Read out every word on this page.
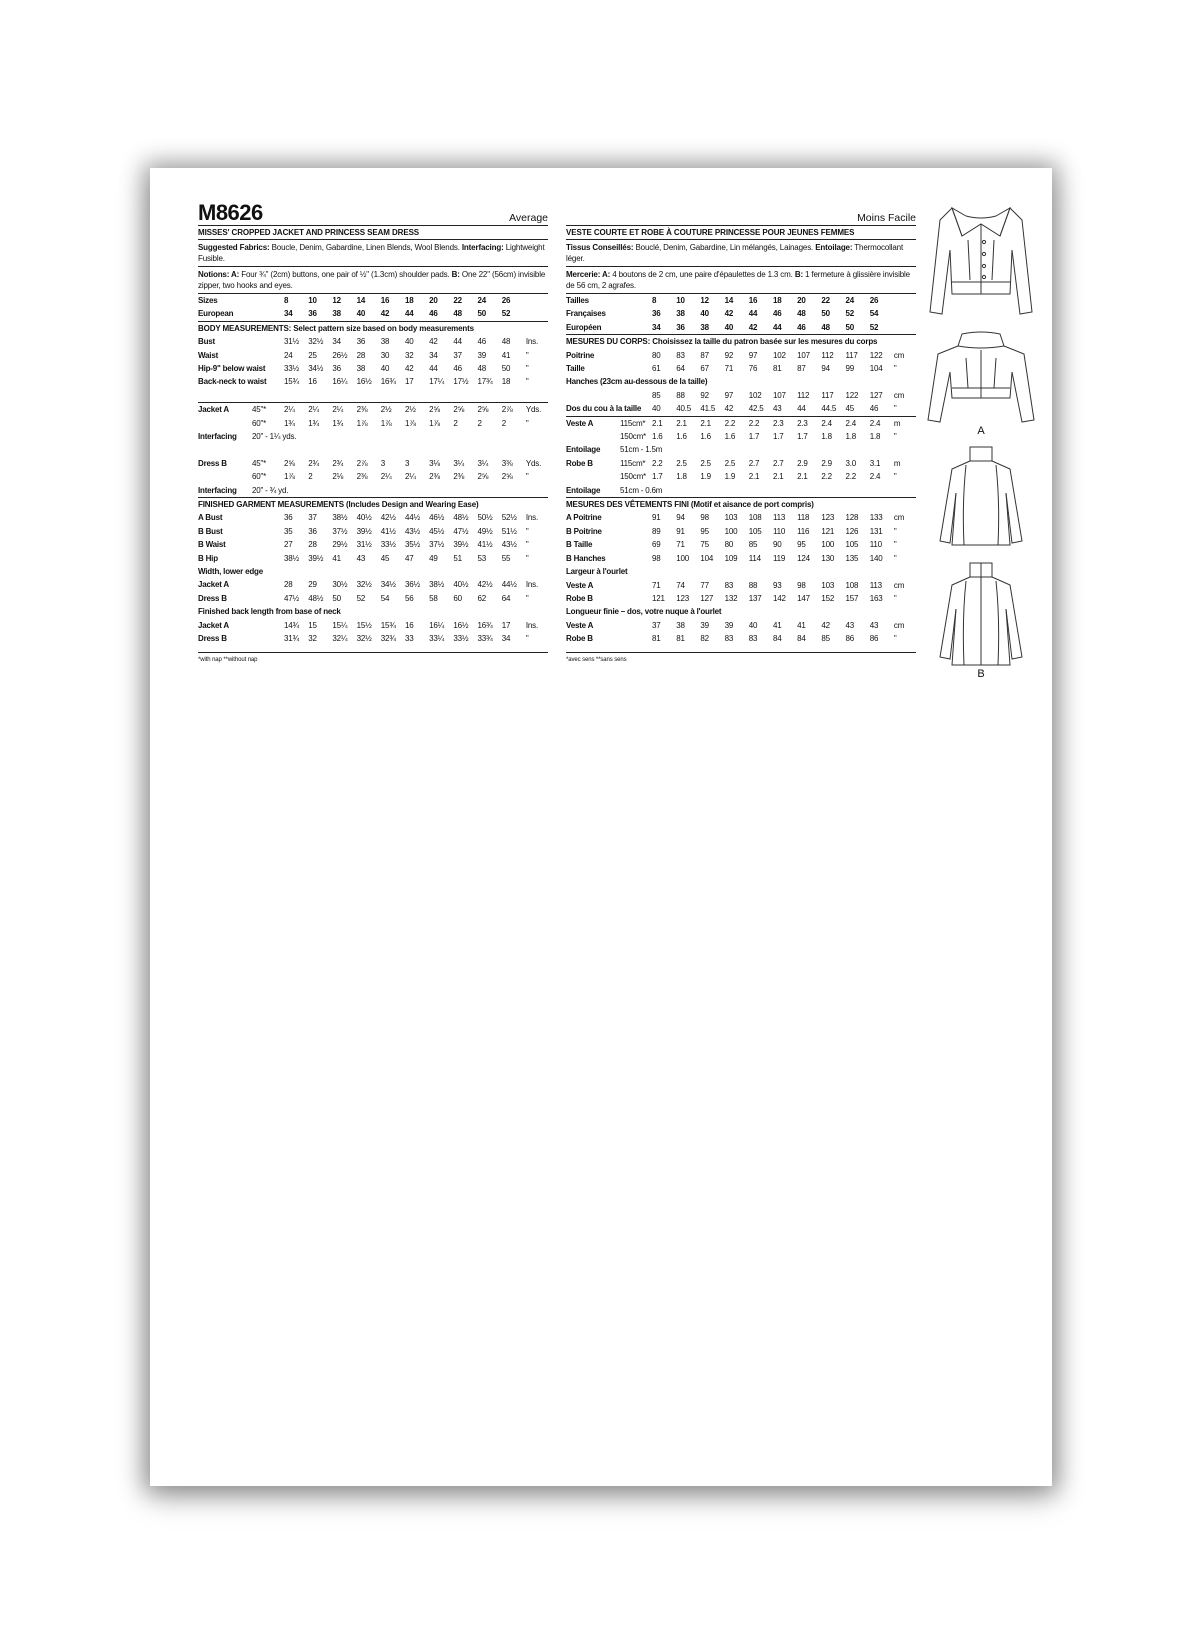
M8626	Average
MISSES' CROPPED JACKET AND PRINCESS SEAM DRESS
Suggested Fabrics: Boucle, Denim, Gabardine, Linen Blends, Wool Blends. Interfacing: Lightweight Fusible.
Notions: A: Four ¾" (2cm) buttons, one pair of ½" (1.3cm) shoulder pads. B: One 22" (56cm) invisible zipper, two hooks and eyes.
Sizes	8	10	12	14	16	18	20	22	24	26	
European	34	36	38	40	42	44	46	48	50	52	
BODY MEASUREMENTS: Select pattern size based on body measurements
Bust	31½	32½	34	36	38	40	42	44	46	48	Ins.
Waist	24	25	26½	28	30	32	34	37	39	41	"
Hip-9" below waist	33½	34½	36	38	40	42	44	46	48	50	"
Back-neck to waist	15¾	16	16¼	16½	16¾	17	17¼	17½	17¾	18	"
Jacket A	45"*	2¼	2¼	2¼	2⅜	2½	2½	2⅝	2⅝	2⅝	2⅞	Yds.
	60"*	1¾	1¾	1¾	1⅞	1⅞	1⅞	1⅞	2	2	2	"
Interfacing	20" - 1¼ yds.											

Dress B	45"*	2⅝	2¾	2¾	2⅞	3	3	3⅛	3¼	3¼	3⅜	Yds.
	60"*	1⅞	2	2⅛	2⅜	2¼	2¼	2⅜	2⅜	2⅝	2⅝	"
Interfacing	20" - ¾ yd.											
FINISHED GARMENT MEASUREMENTS (Includes Design and Wearing Ease)
A Bust	36	37	38½	40½	42½	44½	46½	48½	50½	52½	Ins.
B Bust	35	36	37½	39½	41½	43½	45½	47½	49½	51½	"
B Waist	27	28	29½	31½	33½	35½	37½	39½	41½	43½	"
B Hip	38½	39½	41	43	45	47	49	51	53	55	"
Width, lower edge											
Jacket A	28	29	30½	32½	34½	36½	38½	40½	42½	44½	Ins.
Dress B	47½	48½	50	52	54	56	58	60	62	64	"
Finished back length from base of neck											
Jacket A	14¾	15	15¼	15½	15¾	16	16¼	16½	16¾	17	Ins.
Dress B	31¾	32	32¼	32½	32¾	33	33¼	33½	33¾	34	"
*with nap **without nap
Moins Facile
VESTE COURTE ET ROBE À COUTURE PRINCESSE POUR JEUNES FEMMES
Tissus Conseillés: Bouclé, Denim, Gabardine, Lin mélangés, Lainages. Entoilage: Thermocollant léger.
Mercerie: A: 4 boutons de 2 cm, une paire d'épaulettes de 1.3 cm. B: 1 fermeture à glissière invisible de 56 cm, 2 agrafes.
Tailles	8	10	12	14	16	18	20	22	24	26	
Françaises	36	38	40	42	44	46	48	50	52	54	
Européen	34	36	38	40	42	44	46	48	50	52	
MESURES DU CORPS: Choisissez la taille du patron basée sur les mesures du corps
Poitrine	80	83	87	92	97	102	107	112	117	122	cm
Taille	61	64	67	71	76	81	87	94	99	104	"
Hanches (23cm au-dessous de la taille)											
	85	88	92	97	102	107	112	117	122	127	cm
Dos du cou à la taille	40	40.5	41.5	42	42.5	43	44	44.5	45	46	"
Veste A	115cm*	2.1	2.1	2.1	2.2	2.2	2.3	2.3	2.4	2.4	2.4	m
	150cm*	1.6	1.6	1.6	1.6	1.7	1.7	1.7	1.8	1.8	1.8	"
Entoilage	51cm - 1.5m											
Robe B	115cm*	2.2	2.5	2.5	2.5	2.7	2.7	2.9	2.9	3.0	3.1	m
	150cm*	1.7	1.8	1.9	1.9	2.1	2.1	2.1	2.2	2.2	2.4	"
Entoilage	51cm - 0.6m											
MESURES DES VÊTEMENTS FINI (Motif et aisance de port compris)
A Poitrine	91	94	98	103	108	113	118	123	128	133	cm
B Poitrine	89	91	95	100	105	110	116	121	126	131	"
B Taille	69	71	75	80	85	90	95	100	105	110	"
B Hanches	98	100	104	109	114	119	124	130	135	140	"
Largeur à l'ourlet											
Veste A	71	74	77	83	88	93	98	103	108	113	cm
Robe B	121	123	127	132	137	142	147	152	157	163	"
Longueur finie – dos, votre nuque à l'ourlet											
Veste A	37	38	39	39	40	41	41	42	43	43	cm
Robe B	81	81	82	83	83	84	84	85	86	86	"
*avec sens **sans sens
A
B
